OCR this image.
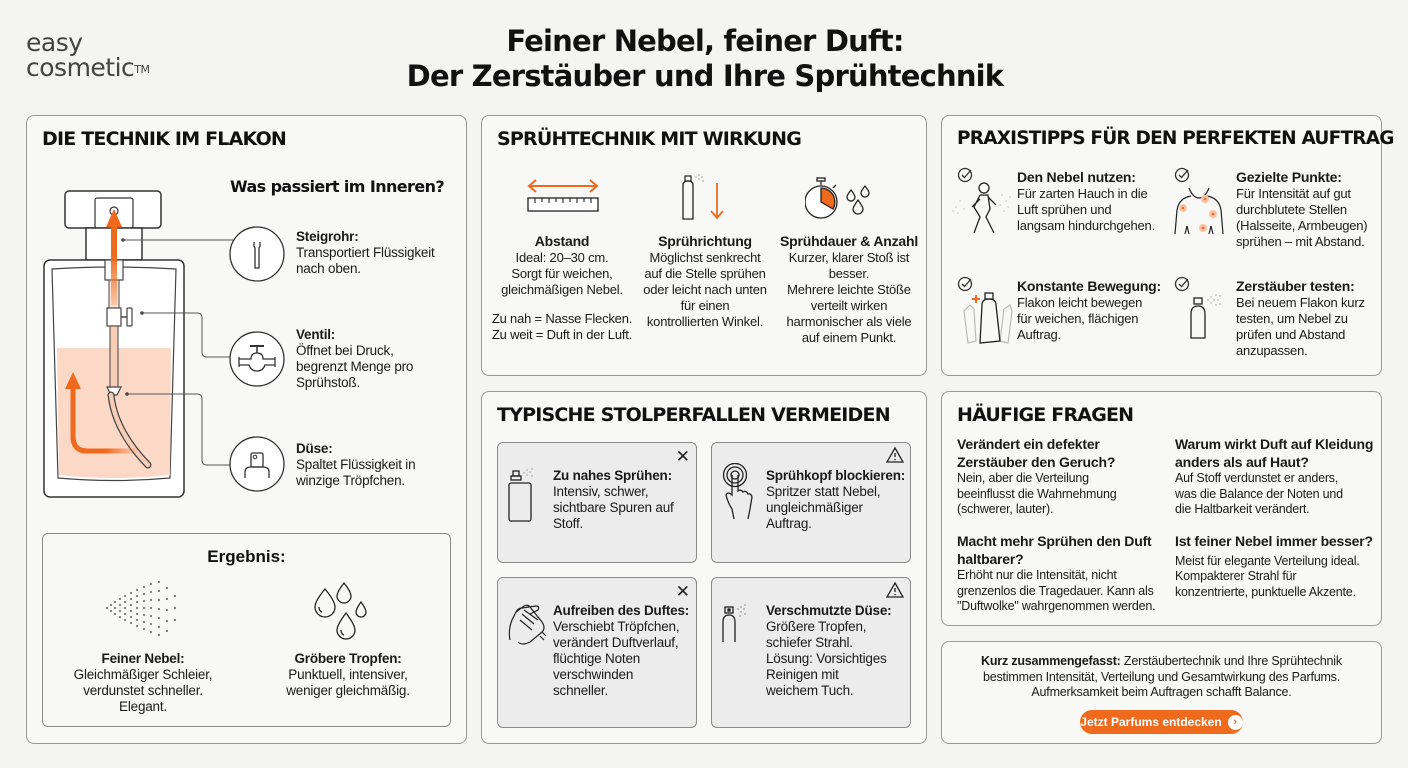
easy
cosmetic™
Feiner Nebel, feiner Duft:
Der Zerstäuber und Ihre Sprühtechnik
DIE TECHNIK IM FLAKON
Was passiert im Inneren?
Steigrohr:
Transportiert Flüssigkeit
nach oben.
Ventil:
Öffnet bei Druck,
begrenzt Menge pro
Sprühstoß.
Düse:
Spaltet Flüssigkeit in
winzige Tröpfchen.
Ergebnis:
Feiner Nebel:
Gleichmäßiger Schleier,
verdunstet schneller.
Elegant.
Gröbere Tropfen:
Punktuell, intensiver,
weniger gleichmäßig.
SPRÜHTECHNIK MIT WIRKUNG
Abstand
Ideal: 20–30 cm.
Sorgt für weichen,
gleichmäßigen Nebel.
Zu nah = Nasse Flecken.
Zu weit = Duft in der Luft.
Sprührichtung
Möglichst senkrecht
auf die Stelle sprühen
oder leicht nach unten
für einen
kontrollierten Winkel.
Sprühdauer & Anzahl
Kurzer, klarer Stoß ist
besser.
Mehrere leichte Stöße
verteilt wirken
harmonischer als viele
auf einem Punkt.
TYPISCHE STOLPERFALLEN VERMEIDEN
✕
Zu nahes Sprühen:
Intensiv, schwer,
sichtbare Spuren auf
Stoff.
Sprühkopf blockieren:
Spritzer statt Nebel,
ungleichmäßiger
Auftrag.
✕
Aufreiben des Duftes:
Verschiebt Tröpfchen,
verändert Duftverlauf,
flüchtige Noten
verschwinden
schneller.
Verschmutzte Düse:
Größere Tropfen,
schiefer Strahl.
Lösung: Vorsichtiges
Reinigen mit
weichem Tuch.
PRAXISTIPPS FÜR DEN PERFEKTEN AUFTRAG
Den Nebel nutzen:
Für zarten Hauch in die
Luft sprühen und
langsam hindurchgehen.
Gezielte Punkte:
Für Intensität auf gut
durchblutete Stellen
(Halsseite, Armbeugen)
sprühen – mit Abstand.
Konstante Bewegung:
Flakon leicht bewegen
für weichen, flächigen
Auftrag.
Zerstäuber testen:
Bei neuem Flakon kurz
testen, um Nebel zu
prüfen und Abstand
anzupassen.
HÄUFIGE FRAGEN
Verändert ein defekter
Zerstäuber den Geruch?
Nein, aber die Verteilung
beeinflusst die Wahrnehmung
(schwerer, lauter).
Warum wirkt Duft auf Kleidung
anders als auf Haut?
Auf Stoff verdunstet er anders,
was die Balance der Noten und
die Haltbarkeit verändert.
Macht mehr Sprühen den Duft
haltbarer?
Erhöht nur die Intensität, nicht
grenzenlos die Tragedauer. Kann als
"Duftwolke" wahrgenommen werden.
Ist feiner Nebel immer besser?

Meist für elegante Verteilung ideal.
Kompakterer Strahl für
konzentrierte, punktuelle Akzente.
Kurz zusammengefasst: Zerstäubertechnik und Ihre Sprühtechnik
bestimmen Intensität, Verteilung und Gesamtwirkung des Parfums.
Aufmerksamkeit beim Auftragen schafft Balance.
Jetzt Parfums entdecken	›
